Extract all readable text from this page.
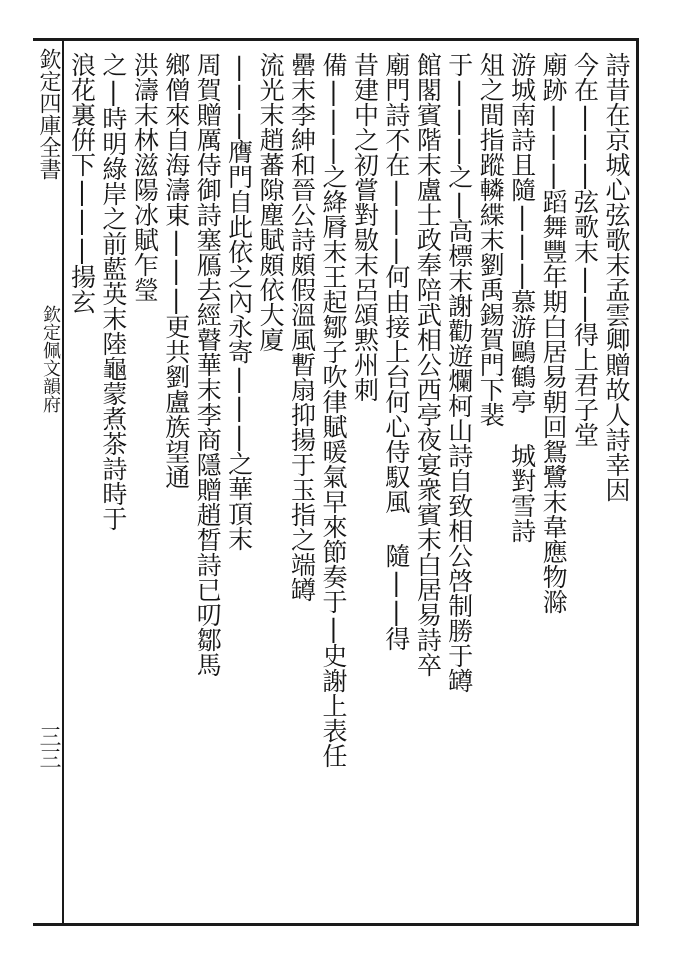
欽定四庫全書
欽定佩文韻府
三三
詩昔在京城心弦歌末孟雲卿贈故人詩幸因
今在|||弦歌末||得上君子堂
廟跡|||蹈舞豐年期白居易朝回鴛鷺末韋應物滁
游城南詩且隨|||慕游鷗鶴亭 城對雪詩
俎之間指蹤轔緤末劉禹錫賀門下裴
于|||之|高標末謝勸遊爛柯山詩自致相公啓制勝于罇
館閣賓階末盧士政奉陪武相公西亭夜宴衆賓末白居易詩卒
廟門詩不在|||何由接上台何心侍馭風 隨||得
昔建中之初嘗對敭末呂頌黙州刺
備|||之絳脣末王起鄒子吹律賦暖氣早來節奏于|史謝上表任
罍末李紳和晉公詩頗假溫風暫扇抑揚于玉指之端罇
流光末趙蕃隙塵賦頗依大廈
|||膺門自此依之內永寄|||之華頂末
周賀贈厲侍御詩塞鴈去經瞽華末李商隱贈趙晳詩已叨鄒馬
鄉僧來自海濤東|||更共劉盧族望通
洪濤末林滋陽冰賦乍瑩
之|時明綠岸之前藍英末陸龜蒙煮茶詩時于
浪花裏倂下|||揚玄
